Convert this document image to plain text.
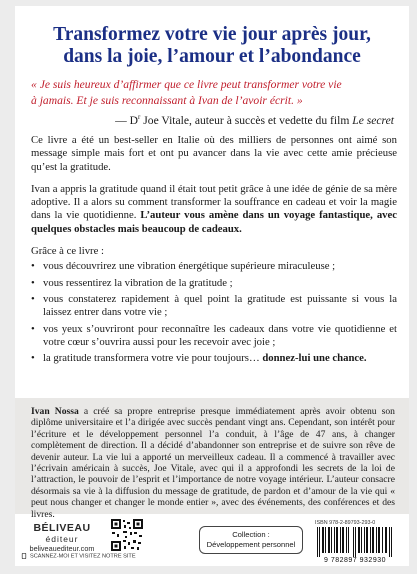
Transformez votre vie jour après jour,
dans la joie, l’amour et l’abondance
« Je suis heureux d’affirmer que ce livre peut transformer votre vie
à jamais. Et je suis reconnaissant à Ivan de l’avoir écrit. »
— $D^r$ Joe Vitale, auteur à succès et vedette du film Le secret

Ce livre a été un best-seller en Italie où des milliers de personnes ont aimé son message simple mais fort et ont pu avancer dans la vie avec cette amie précieuse qu’est la gratitude.

Ivan a appris la gratitude quand il était tout petit grâce à une idée de génie de sa mère adoptive. Il a alors su comment transformer la souffrance en cadeau et voir la magie dans la vie quotidienne. L’auteur vous amène dans un voyage fantastique, avec quelques obstacles mais beaucoup de cadeaux.

Grâce à ce livre :
• vous découvrirez une vibration énergétique supérieure miraculeuse ;
• vous ressentirez la vibration de la gratitude ;
• vous constaterez rapidement à quel point la gratitude est puissante si vous la laissez entrer dans votre vie ;
• vos yeux s’ouvriront pour reconnaître les cadeaux dans votre vie quotidienne et votre cœur s’ouvrira aussi pour les recevoir avec joie ;
• la gratitude transformera votre vie pour toujours… donnez-lui une chance.
Ivan Nossa a créé sa propre entreprise presque immédiatement après avoir obtenu son diplôme universitaire et l’a dirigée avec succès pendant vingt ans. Cependant, son intérêt pour l’écriture et le développement personnel l’a conduit, à l’âge de 47 ans, à changer complètement de direction. Il a décidé d’abandonner son entreprise et de suivre son rêve de devenir auteur. La vie lui a apporté un merveilleux cadeau. Il a commencé à travailler avec l’écrivain américain à succès, Joe Vitale, avec qui il a approfondi les secrets de la loi de l’attraction, le pouvoir de l’esprit et l’importance de notre voyage intérieur. L’auteur consacre désormais sa vie à la diffusion du message de gratitude, de pardon et d’amour de la vie qui « peut nous changer et changer le monde entier », avec des événements, des conférences et des livres.
BÉLIVEAU
éditeur
beliveauediteur.com
SCANNEZ-MOI ET VISITEZ NOTRE SITE
Collection :
Développement personnel
ISBN 978-2-89793-293-0
9 782897 932930
